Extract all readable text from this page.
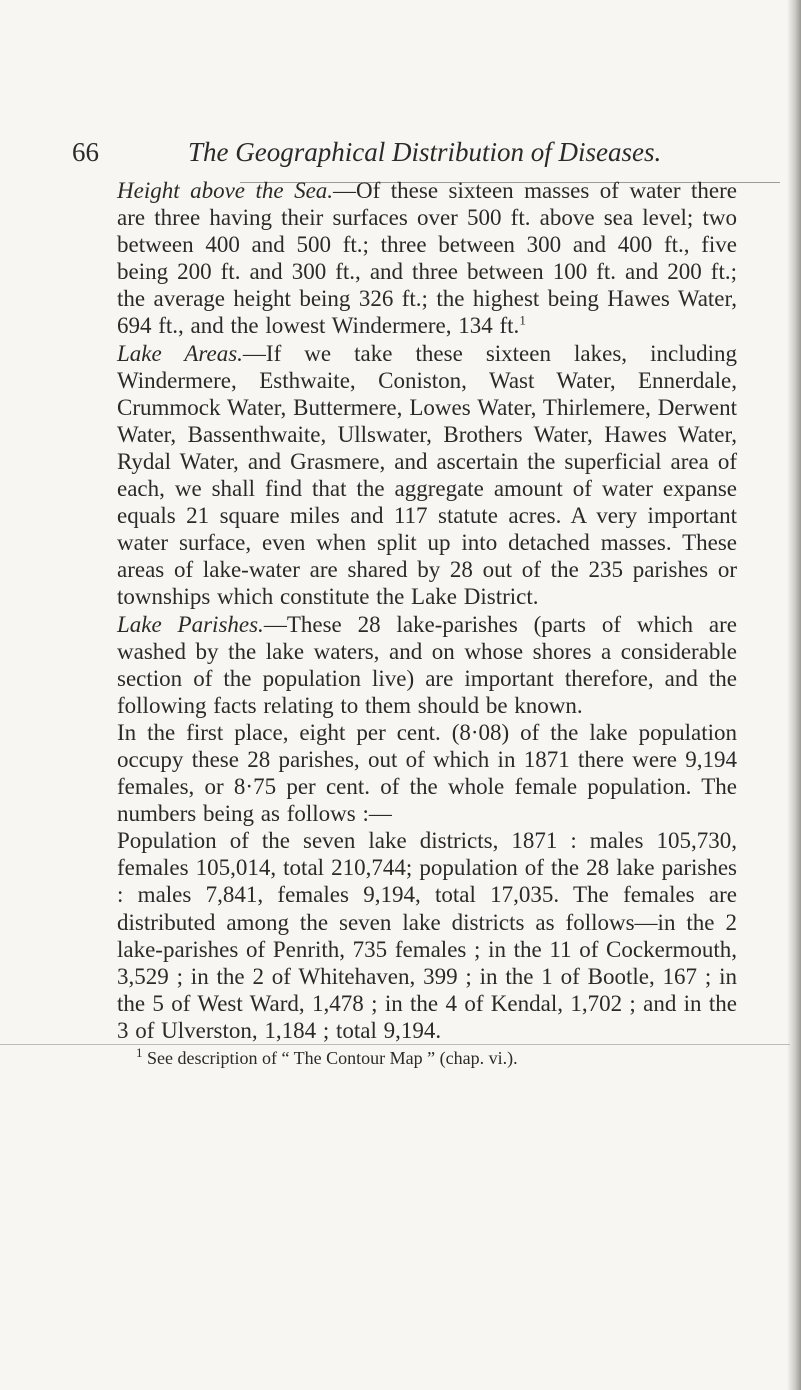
66	The Geographical Distribution of Diseases.

Height above the Sea.—Of these sixteen masses of water there are three having their surfaces over 500 ft. above sea level; two between 400 and 500 ft.; three between 300 and 400 ft., five being 200 ft. and 300 ft., and three between 100 ft. and 200 ft.; the average height being 326 ft.; the highest being Hawes Water, 694 ft., and the lowest Windermere, 134 ft.$^1$

Lake Areas.—If we take these sixteen lakes, including Windermere, Esthwaite, Coniston, Wast Water, Ennerdale, Crummock Water, Buttermere, Lowes Water, Thirlemere, Derwent Water, Bassenthwaite, Ullswater, Brothers Water, Hawes Water, Rydal Water, and Grasmere, and ascertain the superficial area of each, we shall find that the aggregate amount of water expanse equals 21 square miles and 117 statute acres. A very important water surface, even when split up into detached masses. These areas of lake-water are shared by 28 out of the 235 parishes or townships which constitute the Lake District.

Lake Parishes.—These 28 lake-parishes (parts of which are washed by the lake waters, and on whose shores a considerable section of the population live) are important therefore, and the following facts relating to them should be known.

In the first place, eight per cent. (8·08) of the lake population occupy these 28 parishes, out of which in 1871 there were 9,194 females, or 8·75 per cent. of the whole female population. The numbers being as follows :—

Population of the seven lake districts, 1871 : males 105,730, females 105,014, total 210,744; population of the 28 lake parishes : males 7,841, females 9,194, total 17,035. The females are distributed among the seven lake districts as follows—in the 2 lake-parishes of Penrith, 735 females ; in the 11 of Cockermouth, 3,529 ; in the 2 of Whitehaven, 399 ; in the 1 of Bootle, 167 ; in the 5 of West Ward, 1,478 ; in the 4 of Kendal, 1,702 ; and in the 3 of Ulverston, 1,184 ; total 9,194.

$^1$ See description of “ The Contour Map ” (chap. vi.).
